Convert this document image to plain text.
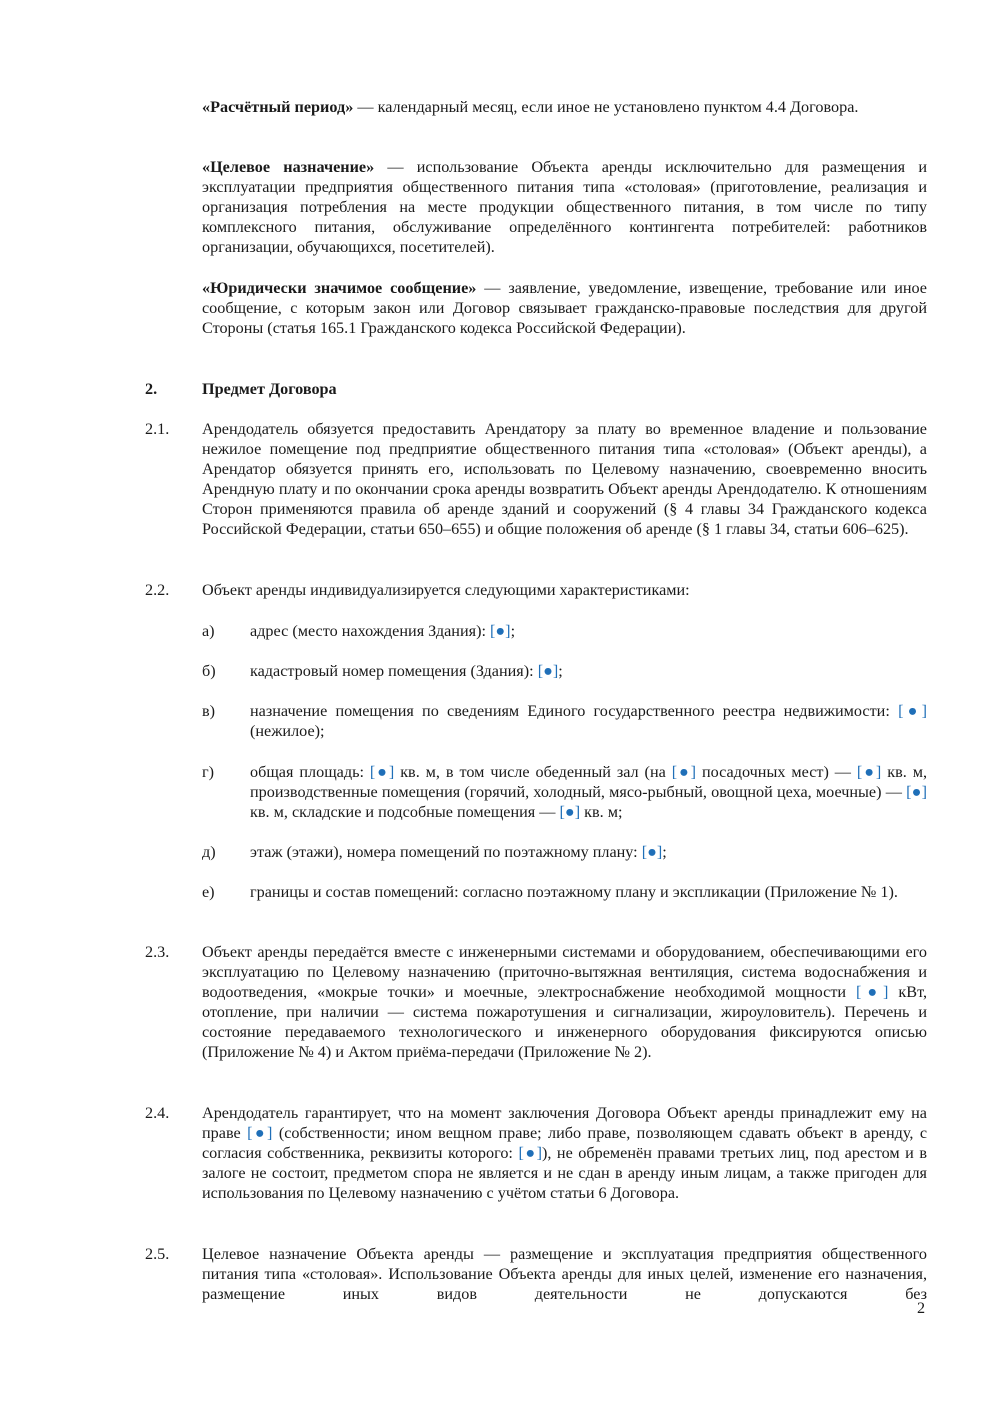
«Расчётный период» — календарный месяц, если иное не установлено пунктом 4.4 Договора.
«Целевое назначение» — использование Объекта аренды исключительно для размещения и эксплуатации предприятия общественного питания типа «столовая» (приготовление, реализация и организация потребления на месте продукции общественного питания, в том числе по типу комплексного питания, обслуживание определённого контингента потребителей: работников организации, обучающихся, посетителей).
«Юридически значимое сообщение» — заявление, уведомление, извещение, требование или иное сообщение, с которым закон или Договор связывает гражданско-правовые последствия для другой Стороны (статья 165.1 Гражданского кодекса Российской Федерации).
2.	Предмет Договора
2.1. Арендодатель обязуется предоставить Арендатору за плату во временное владение и пользование нежилое помещение под предприятие общественного питания типа «столовая» (Объект аренды), а Арендатор обязуется принять его, использовать по Целевому назначению, своевременно вносить Арендную плату и по окончании срока аренды возвратить Объект аренды Арендодателю. К отношениям Сторон применяются правила об аренде зданий и сооружений (§ 4 главы 34 Гражданского кодекса Российской Федерации, статьи 650–655) и общие положения об аренде (§ 1 главы 34, статьи 606–625).
2.2. Объект аренды индивидуализируется следующими характеристиками:
а) адрес (место нахождения Здания): [●];
б) кадастровый номер помещения (Здания): [●];
в) назначение помещения по сведениям Единого государственного реестра недвижимости: [●] (нежилое);
г) общая площадь: [●] кв. м, в том числе обеденный зал (на [●] посадочных мест) — [●] кв. м, производственные помещения (горячий, холодный, мясо-рыбный, овощной цеха, моечные) — [●] кв. м, складские и подсобные помещения — [●] кв. м;
д) этаж (этажи), номера помещений по поэтажному плану: [●];
е) границы и состав помещений: согласно поэтажному плану и экспликации (Приложение № 1).
2.3. Объект аренды передаётся вместе с инженерными системами и оборудованием, обеспечивающими его эксплуатацию по Целевому назначению (приточно-вытяжная вентиляция, система водоснабжения и водоотведения, «мокрые точки» и моечные, электроснабжение необходимой мощности [●] кВт, отопление, при наличии — система пожаротушения и сигнализации, жироуловитель). Перечень и состояние передаваемого технологического и инженерного оборудования фиксируются описью (Приложение № 4) и Актом приёма-передачи (Приложение № 2).
2.4. Арендодатель гарантирует, что на момент заключения Договора Объект аренды принадлежит ему на праве [●] (собственности; ином вещном праве; либо праве, позволяющем сдавать объект в аренду, с согласия собственника, реквизиты которого: [●]), не обременён правами третьих лиц, под арестом и в залоге не состоит, предметом спора не является и не сдан в аренду иным лицам, а также пригоден для использования по Целевому назначению с учётом статьи 6 Договора.
2.5. Целевое назначение Объекта аренды — размещение и эксплуатация предприятия общественного питания типа «столовая». Использование Объекта аренды для иных целей, изменение его назначения, размещение иных видов деятельности не допускаются без
2
